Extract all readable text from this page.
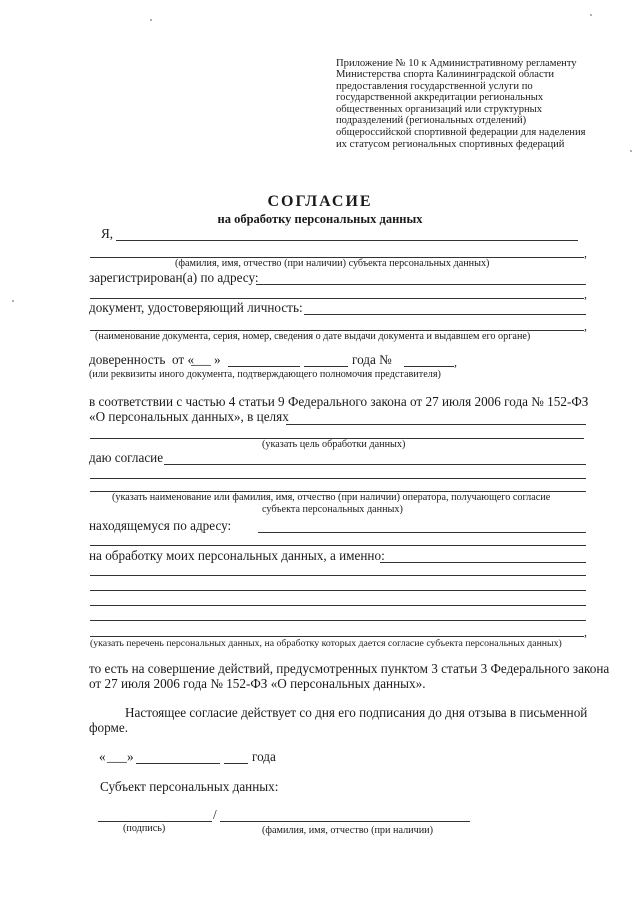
Приложение № 10 к Административному регламенту
Министерства спорта Калининградской области
предоставления государственной услуги по
государственной аккредитации региональных
общественных организаций или структурных
подразделений (региональных отделений)
общероссийской спортивной федерации для наделения
их статусом региональных спортивных федераций
СОГЛАСИЕ
на обработку персональных данных
Я,
,
(фамилия, имя, отчество (при наличии) субъекта персональных данных)
зарегистрирован(а) по адресу:
,
документ, удостоверяющий личность:
,
(наименование документа, серия, номер, сведения о дате выдачи документа и выдавшем его органе)
доверенность от «
___ »	года №	,
(или реквизиты иного документа, подтверждающего полномочия представителя)
в соответствии с частью 4 статьи 9 Федерального закона от 27 июля 2006 года № 152-ФЗ
«О персональных данных», в целях
(указать цель обработки данных)
даю согласие
(указать наименование или фамилия, имя, отчество (при наличии) оператора, получающего согласие
субъекта персональных данных)
находящемуся по адресу:
на обработку моих персональных данных, а именно:
,
(указать перечень персональных данных, на обработку которых дается согласие субъекта персональных данных)
то есть на совершение действий, предусмотренных пунктом 3 статьи 3 Федерального закона
от 27 июля 2006 года № 152-ФЗ «О персональных данных».
Настоящее согласие действует со дня его подписания до дня отзыва в письменной
форме.
« ___ »	года
Субъект персональных данных:
/
(подпись)	(фамилия, имя, отчество (при наличии)
